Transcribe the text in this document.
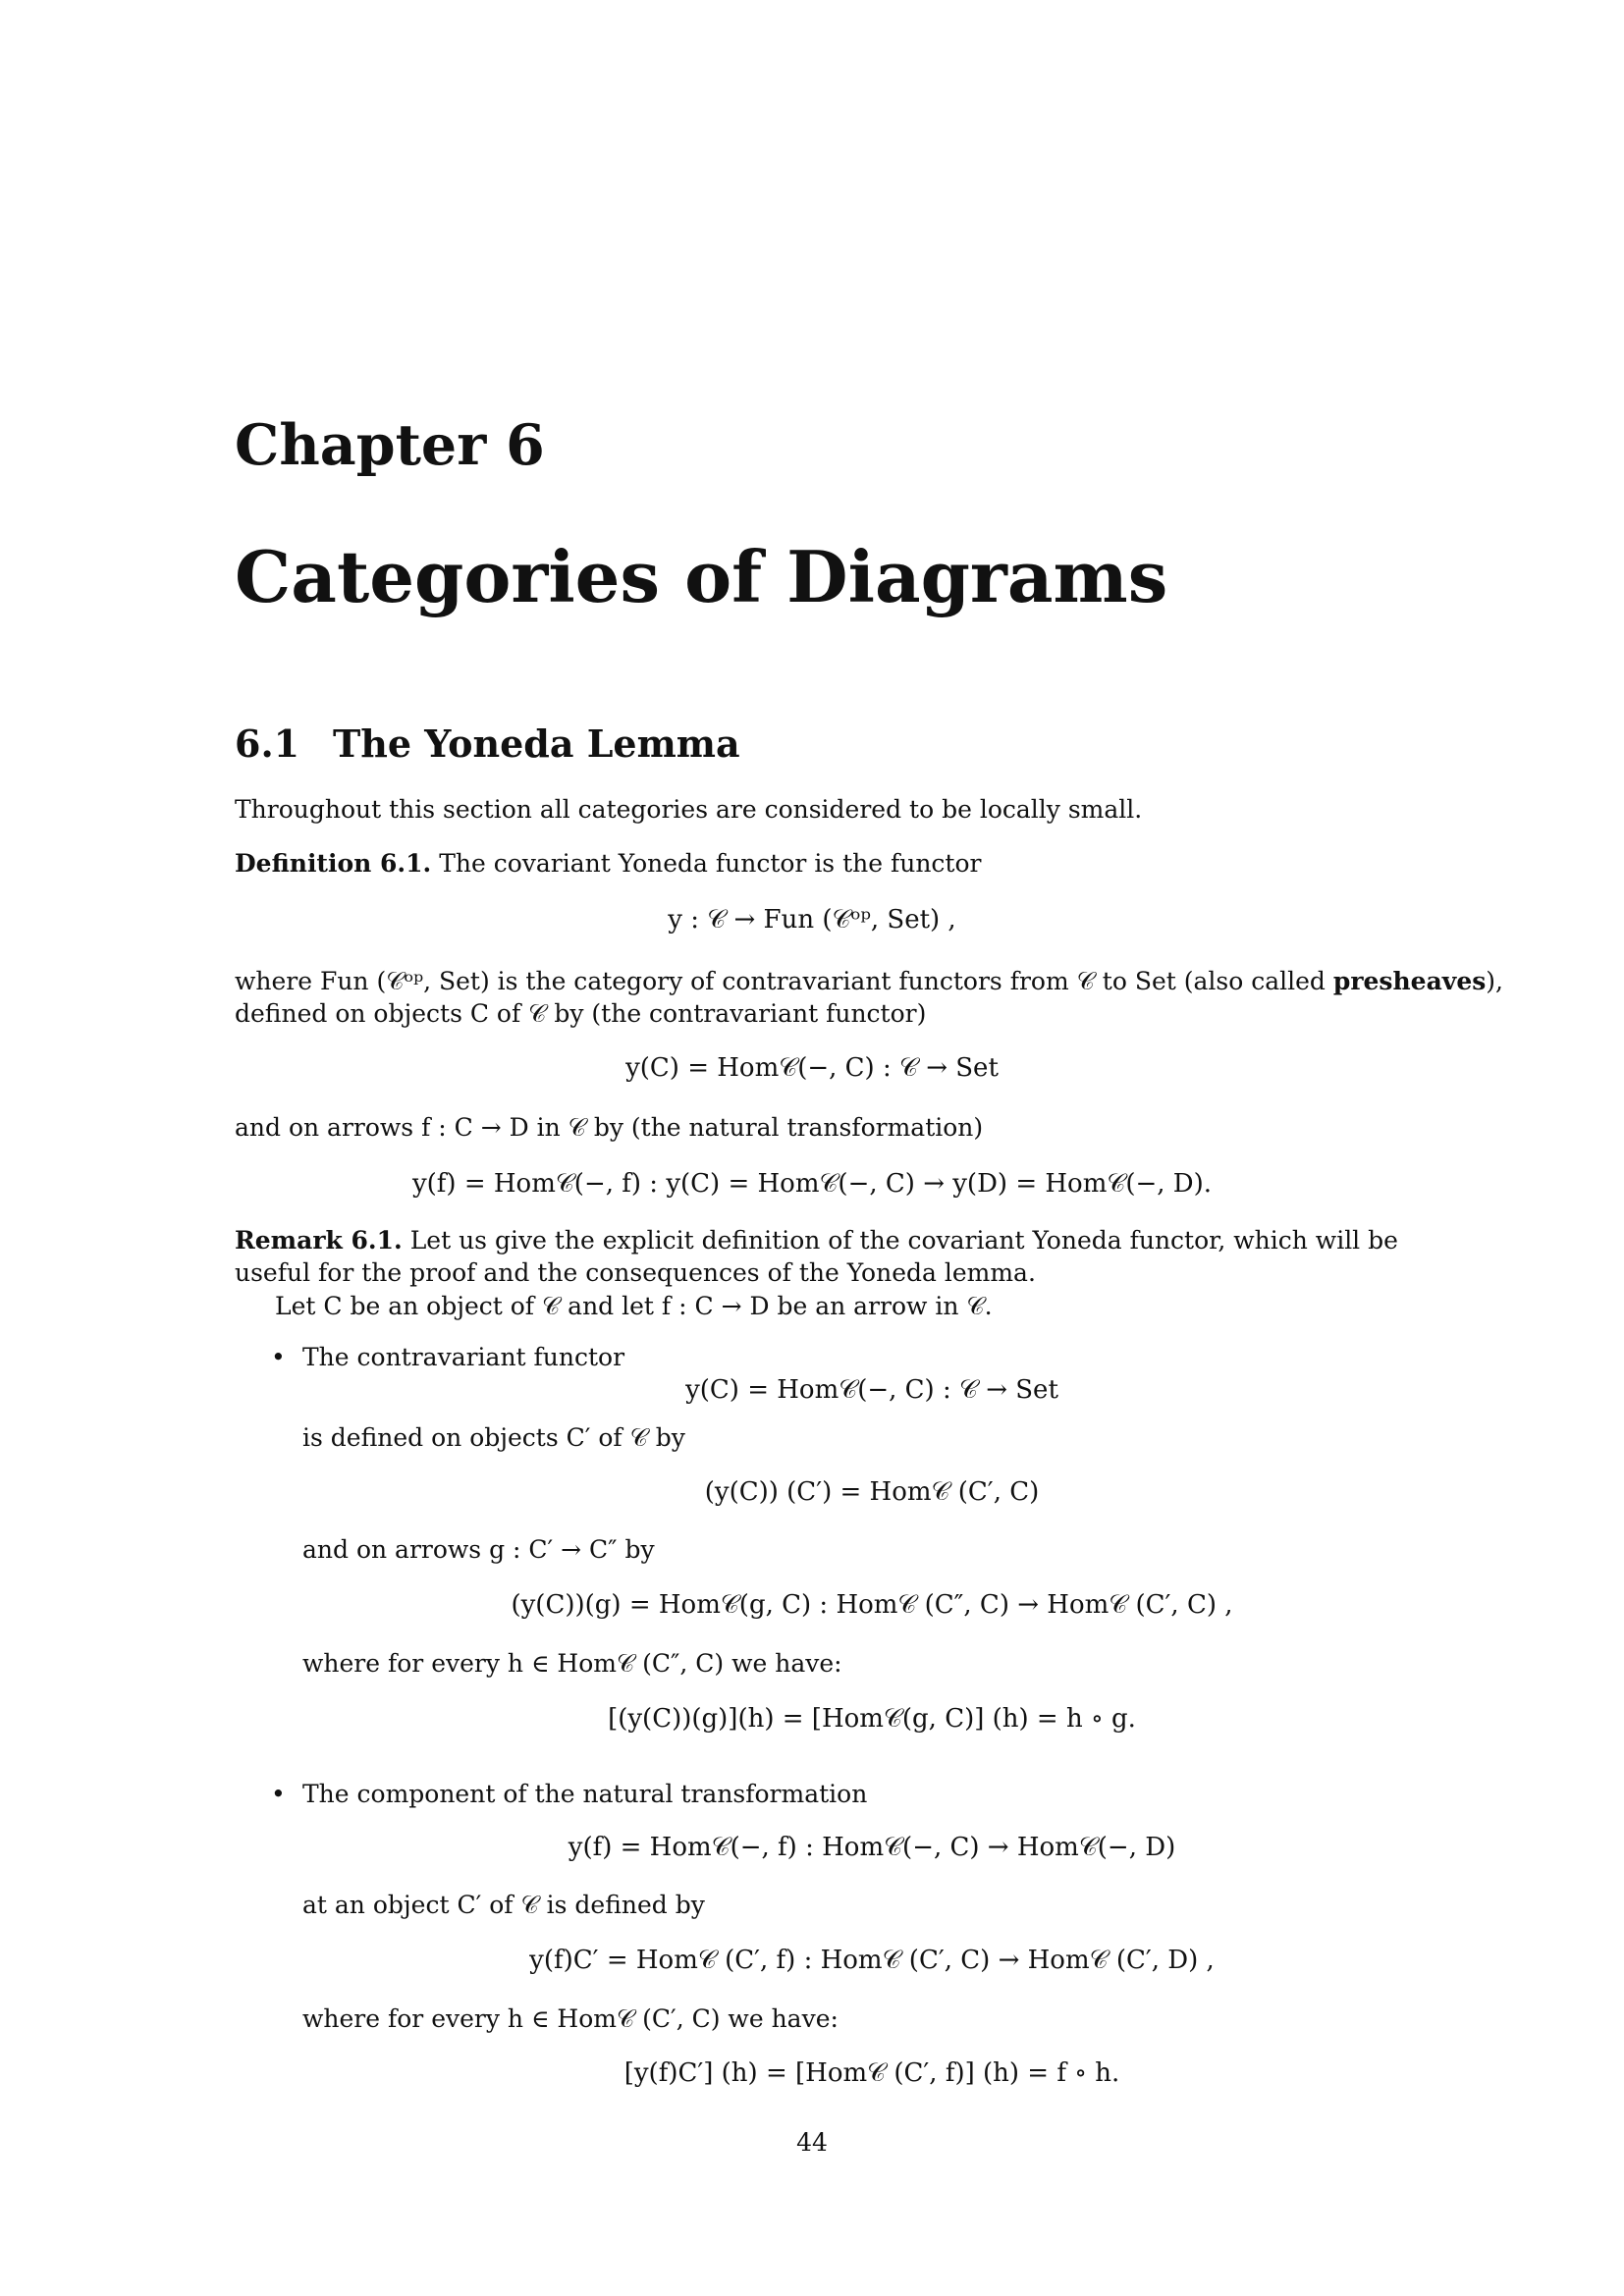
Chapter 6
Categories of Diagrams
6.1 The Yoneda Lemma
Throughout this section all categories are considered to be locally small.
Definition 6.1. The covariant Yoneda functor is the functor
y : 𝒞 → Fun (𝒞ᵒᵖ, Set) ,
where Fun (𝒞ᵒᵖ, Set) is the category of contravariant functors from 𝒞 to Set (also called presheaves),
defined on objects C of 𝒞 by (the contravariant functor)
y(C) = Hom𝒞(−, C) : 𝒞 → Set
and on arrows f : C → D in 𝒞 by (the natural transformation)
y(f) = Hom𝒞(−, f) : y(C) = Hom𝒞(−, C) → y(D) = Hom𝒞(−, D).
Remark 6.1. Let us give the explicit definition of the covariant Yoneda functor, which will be
useful for the proof and the consequences of the Yoneda lemma.
Let C be an object of 𝒞 and let f : C → D be an arrow in 𝒞.
• The contravariant functor
y(C) = Hom𝒞(−, C) : 𝒞 → Set
is defined on objects C′ of 𝒞 by
(y(C)) (C′) = Hom𝒞 (C′, C)
and on arrows g : C′ → C″ by
(y(C))(g) = Hom𝒞(g, C) : Hom𝒞 (C″, C) → Hom𝒞 (C′, C) ,
where for every h ∈ Hom𝒞 (C″, C) we have:
[(y(C))(g)](h) = [Hom𝒞(g, C)] (h) = h ∘ g.
• The component of the natural transformation
y(f) = Hom𝒞(−, f) : Hom𝒞(−, C) → Hom𝒞(−, D)
at an object C′ of 𝒞 is defined by
y(f)C′ = Hom𝒞 (C′, f) : Hom𝒞 (C′, C) → Hom𝒞 (C′, D) ,
where for every h ∈ Hom𝒞 (C′, C) we have:
[y(f)C′] (h) = [Hom𝒞 (C′, f)] (h) = f ∘ h.
44
